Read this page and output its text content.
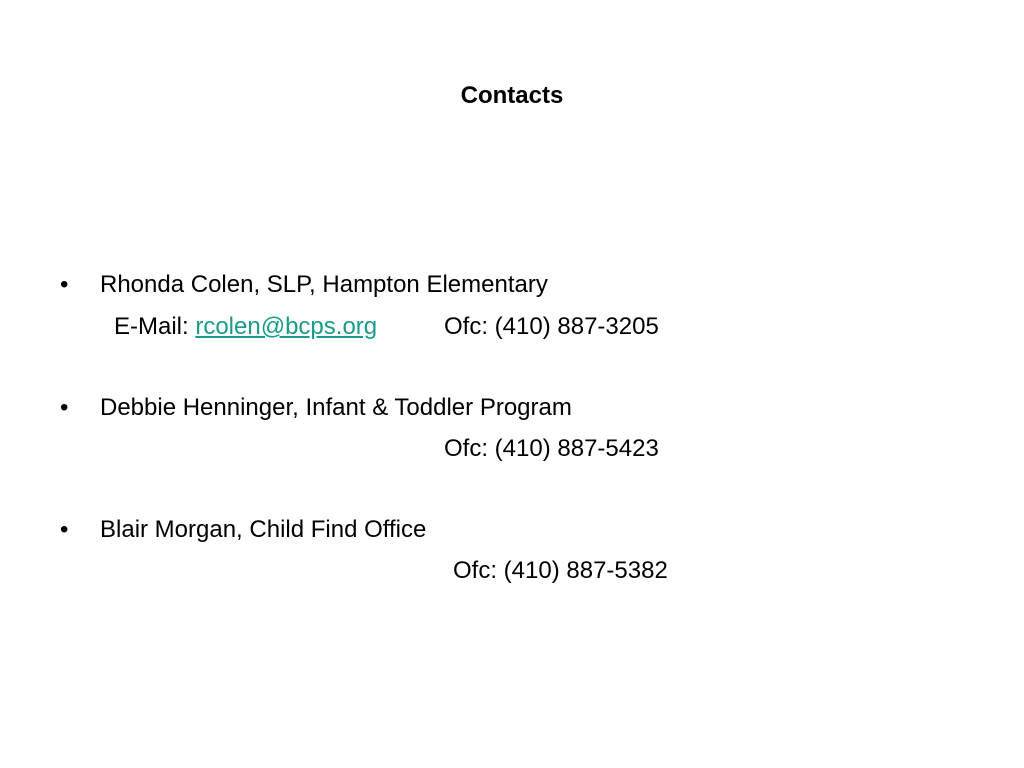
Contacts
• Rhonda Colen, SLP, Hampton Elementary
E-Mail: rcolen@bcps.org	Ofc: (410) 887-3205
• Debbie Henninger, Infant & Toddler Program
Ofc: (410) 887-5423
• Blair Morgan, Child Find Office
Ofc: (410) 887-5382
